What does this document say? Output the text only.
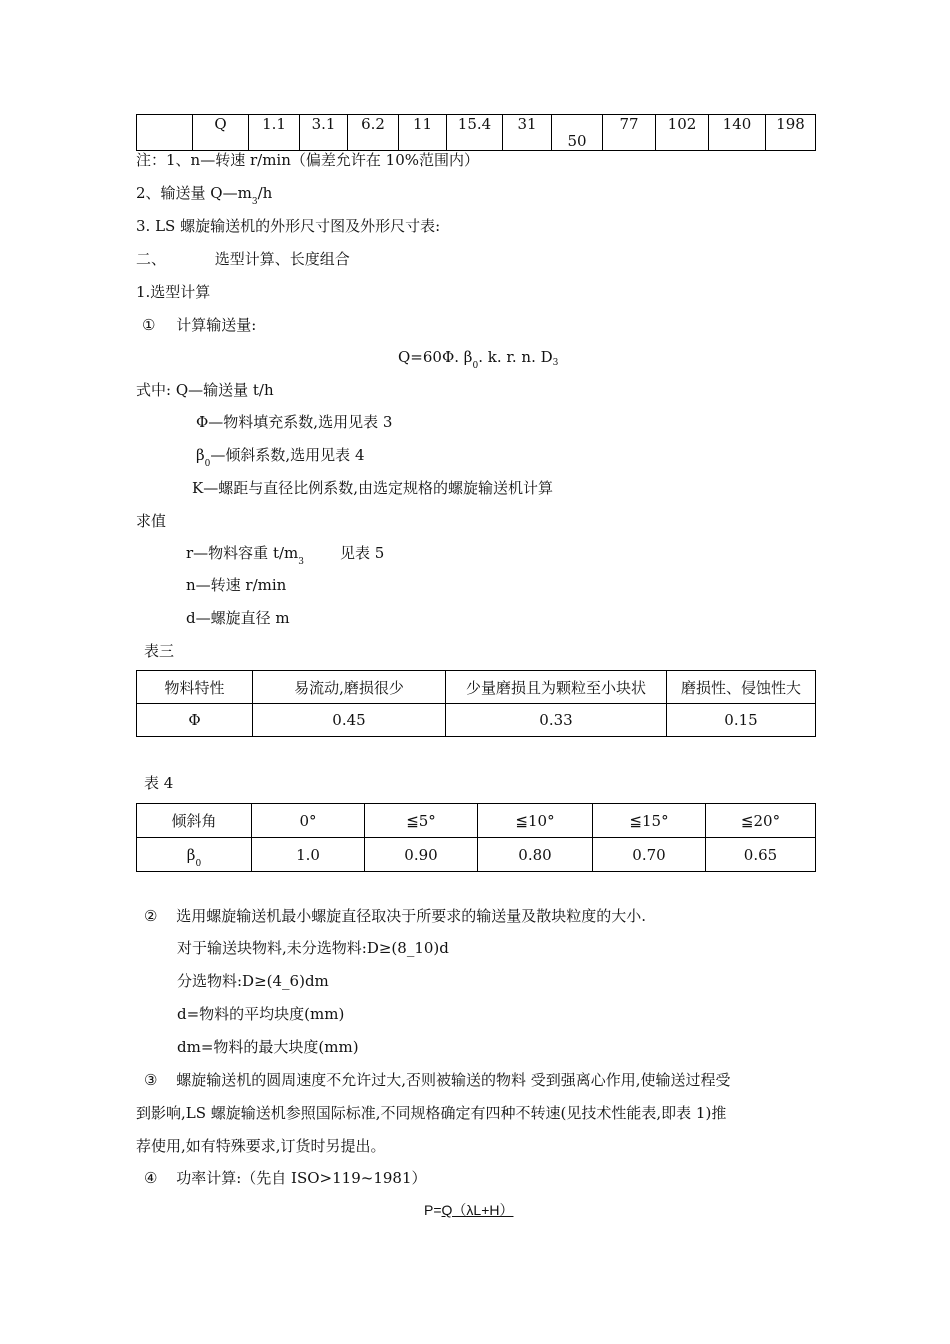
	Q	1.1	3.1	6.2	11	15.4	31	50	77	102	140	198
注：1、n—转速 r/min（偏差允许在 10%范围内）
2、输送量 $Q—m_3/h$
3. LS 螺旋输送机的外形尺寸图及外形尺寸表:
二、	选型计算、长度组合
1.选型计算
① 计算输送量:
Q=60Φ. $\beta_0$. k. r. n. $D_3$
式中: Q—输送量 t/h
Φ—物料填充系数,选用见表 3
$\beta_0—$倾斜系数,选用见表 4
K—螺距与直径比例系数,由选定规格的螺旋输送机计算
求值
r—物料容重 $t/m_3$ 见表 5
n—转速 r/min
d—螺旋直径 m
表三
物料特性	易流动,磨损很少	少量磨损且为颗粒至小块状	磨损性、侵蚀性大
Φ	0.45	0.33	0.15
表 4
倾斜角	0°	≦5°	≦10°	≦15°	≦20°
$\beta_0$	1.0	0.90	0.80	0.70	0.65
② 选用螺旋输送机最小螺旋直径取决于所要求的输送量及散块粒度的大小.
对于输送块物料,未分选物料:D≥(8_10)d
分选物料:D≥(4_6)dm
d=物料的平均块度(mm)
dm=物料的最大块度(mm)
③ 螺旋输送机的圆周速度不允许过大,否则被输送的物料 受到强离心作用,使输送过程受
到影响,LS 螺旋输送机参照国际标准,不同规格确定有四种不转速(见技术性能表,即表 1)推
荐使用,如有特殊要求,订货时另提出。
④ 功率计算:（先自 ISO>119~1981）
P=Q（λL+H）
